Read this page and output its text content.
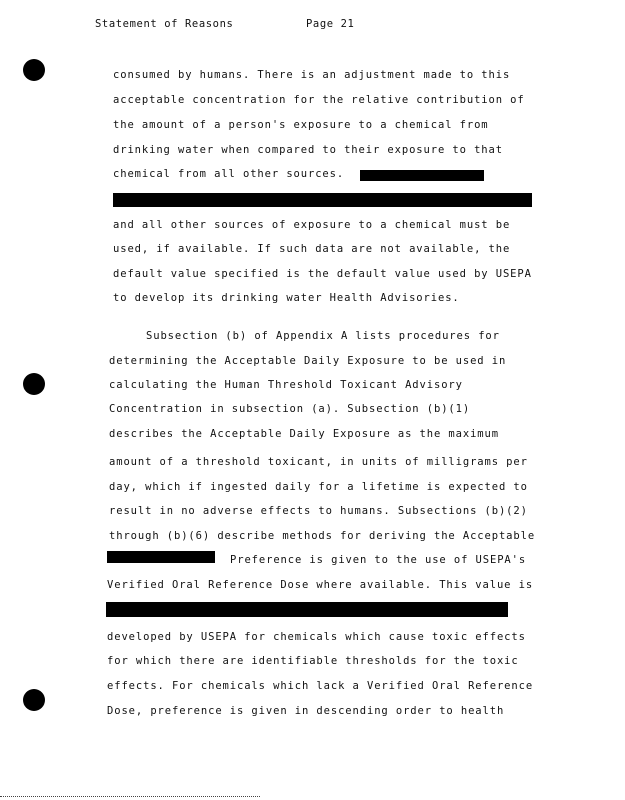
Statement of Reasons	Page 21
consumed by humans. There is an adjustment made to this
acceptable concentration for the relative contribution of
the amount of a person's exposure to a chemical from
drinking water when compared to their exposure to that
chemical from all other sources.
and all other sources of exposure to a chemical must be
used, if available. If such data are not available, the
default value specified is the default value used by USEPA
to develop its drinking water Health Advisories.
Subsection (b) of Appendix A lists procedures for
determining the Acceptable Daily Exposure to be used in
calculating the Human Threshold Toxicant Advisory
Concentration in subsection (a). Subsection (b)(1)
describes the Acceptable Daily Exposure as the maximum
amount of a threshold toxicant, in units of milligrams per
day, which if ingested daily for a lifetime is expected to
result in no adverse effects to humans. Subsections (b)(2)
through (b)(6) describe methods for deriving the Acceptable
Preference is given to the use of USEPA's
Verified Oral Reference Dose where available. This value is
developed by USEPA for chemicals which cause toxic effects
for which there are identifiable thresholds for the toxic
effects. For chemicals which lack a Verified Oral Reference
Dose, preference is given in descending order to health
